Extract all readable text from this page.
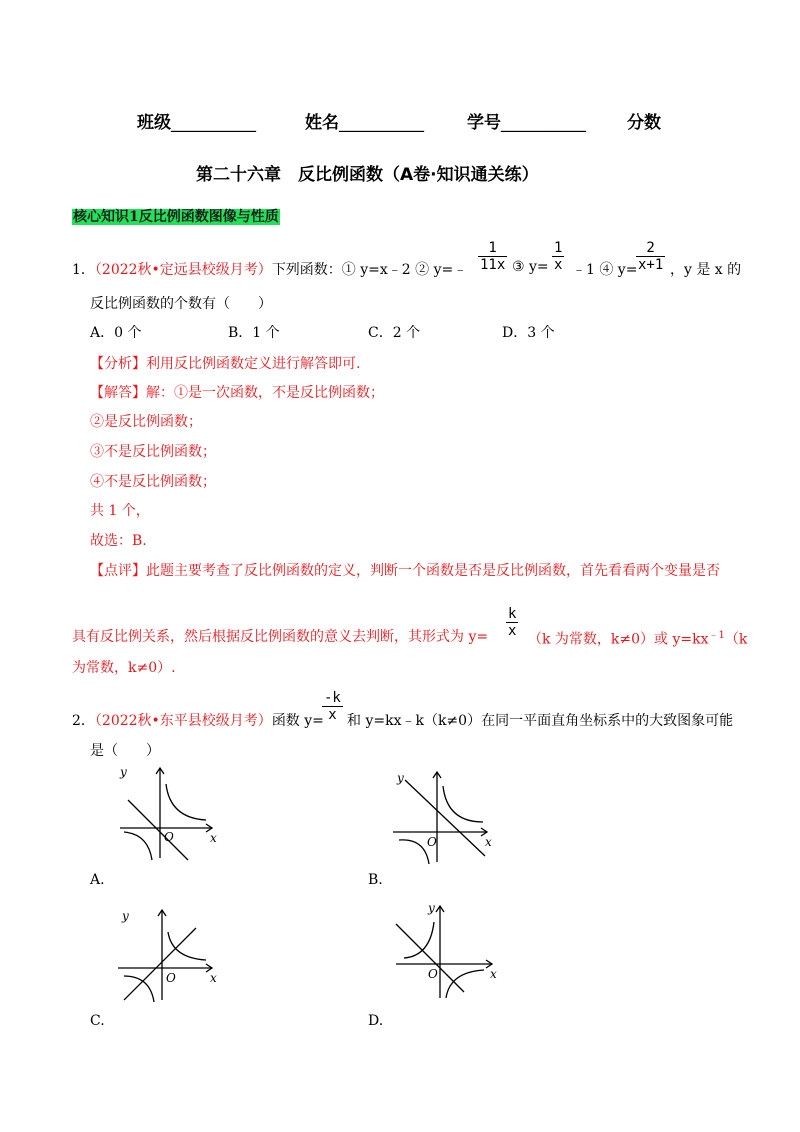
班级__________	姓名__________	学号__________ 分数
第二十六章　反比例函数（A卷·知识通关练）
核心知识1反比例函数图像与性质
1．（2022秋•定远县校级月考）下列函数：① y=x﹣2 ② y=﹣ $\frac{1}{11x}$ ③ $y= \frac{1}{x}$ ﹣1 ④ y=
$\frac{2}{x+1}$ ，y 是 x 的
反比例函数的个数有（　　）
A．0 个	B．1 个	C．2 个	D．3 个
【分析】利用反比例函数定义进行解答即可.
【解答】解：①是一次函数，不是反比例函数；
②是反比例函数；
③不是反比例函数；
④不是反比例函数；
共 1 个，
故选：B.
【点评】此题主要考查了反比例函数的定义，判断一个函数是否是反比例函数，首先看看两个变量是否
具有反比例关系，然后根据反比例函数的意义去判断，其形式为 $y= \frac{k}{x}$
（k 为常数，k≠0）或 $y=kx^{﹣1}(k$
为常数，k≠0）.
2．（2022秋•东平县校级月考）函数 y=
$\frac{-k}{x}$ 和 y=kx﹣k（k≠0）在同一平面直角坐标系中的大致图象可能
是（　　）
y
x
O
A.
y
x
O
B.
y
x
O
C.
y
x
O
D.
